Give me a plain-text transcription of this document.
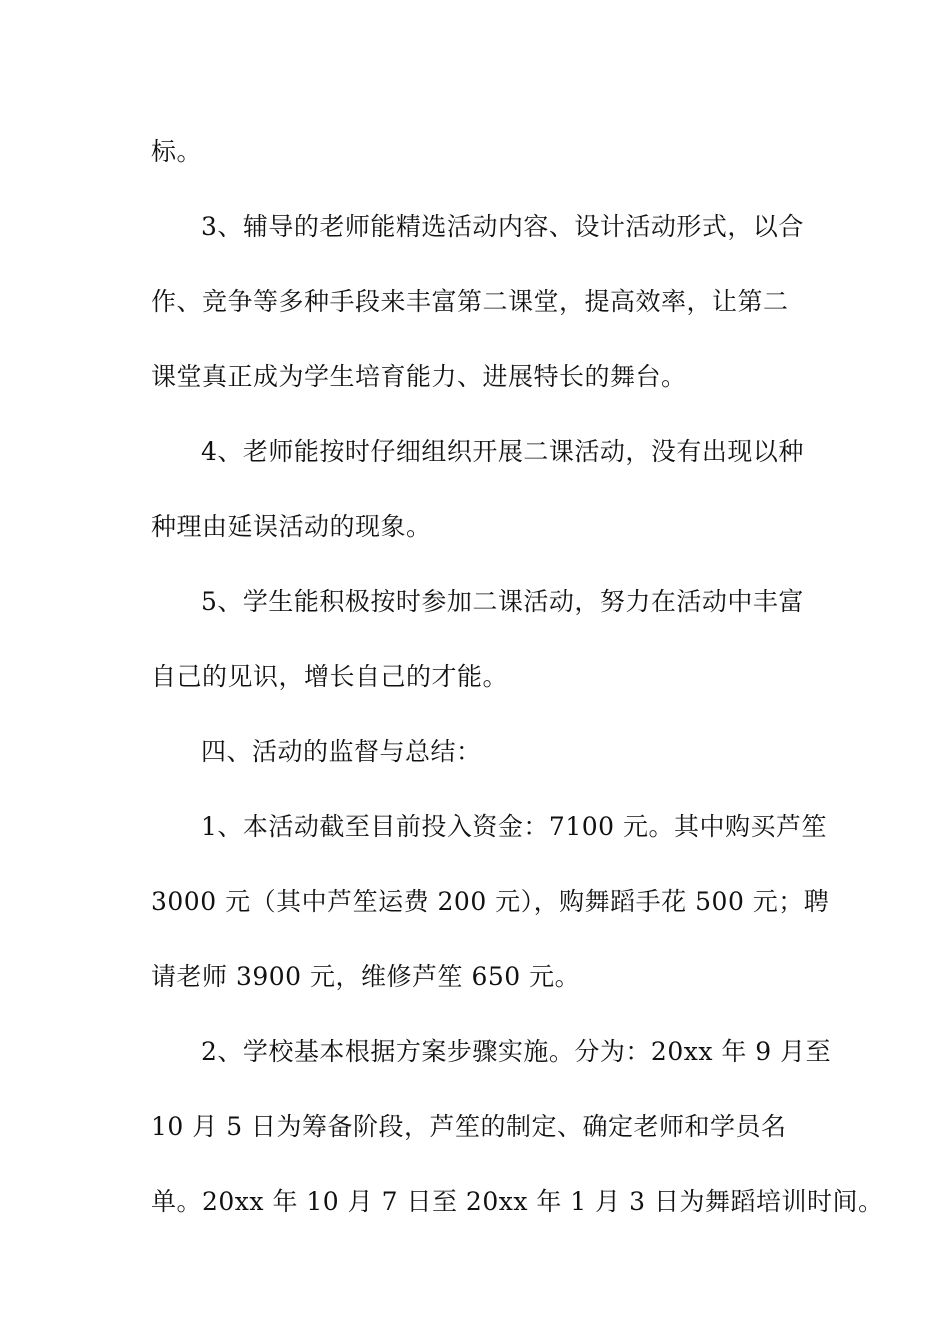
标。
3、辅导的老师能精选活动内容、设计活动形式，以合
作、竞争等多种手段来丰富第二课堂，提高效率，让第二
课堂真正成为学生培育能力、进展特长的舞台。
4、老师能按时仔细组织开展二课活动，没有出现以种
种理由延误活动的现象。
5、学生能积极按时参加二课活动，努力在活动中丰富
自己的见识，增长自己的才能。
四、活动的监督与总结：
1、本活动截至目前投入资金：7100 元。其中购买芦笙
3000 元（其中芦笙运费 200 元），购舞蹈手花 500 元；聘
请老师 3900 元，维修芦笙 650 元。
2、学校基本根据方案步骤实施。分为：20xx 年 9 月至
10 月 5 日为筹备阶段，芦笙的制定、确定老师和学员名
单。20xx 年 10 月 7 日至 20xx 年 1 月 3 日为舞蹈培训时间。
